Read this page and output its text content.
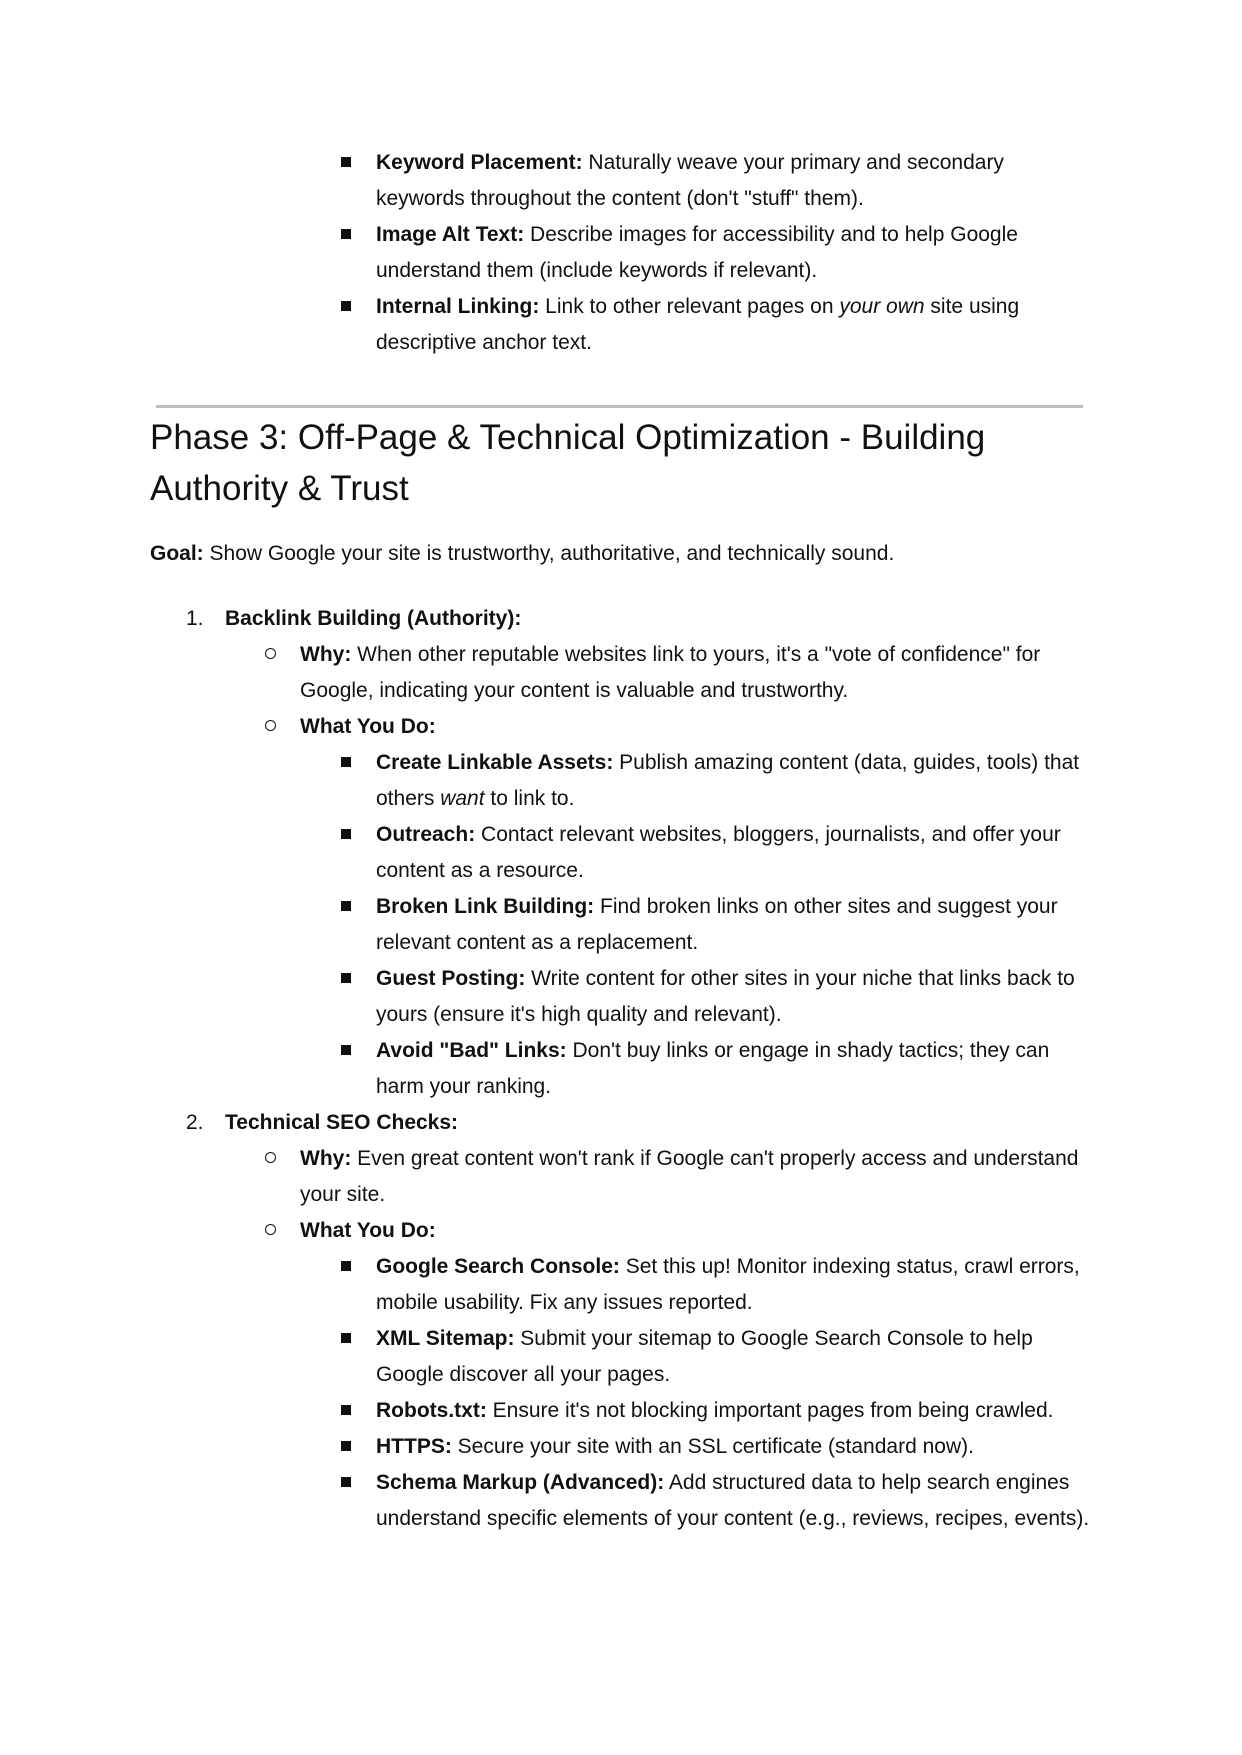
Keyword Placement: Naturally weave your primary and secondary keywords throughout the content (don't "stuff" them).
Image Alt Text: Describe images for accessibility and to help Google understand them (include keywords if relevant).
Internal Linking: Link to other relevant pages on your own site using descriptive anchor text.
Phase 3: Off-Page & Technical Optimization - Building Authority & Trust
Goal: Show Google your site is trustworthy, authoritative, and technically sound.
1. Backlink Building (Authority):
Why: When other reputable websites link to yours, it's a "vote of confidence" for Google, indicating your content is valuable and trustworthy.
What You Do:
Create Linkable Assets: Publish amazing content (data, guides, tools) that others want to link to.
Outreach: Contact relevant websites, bloggers, journalists, and offer your content as a resource.
Broken Link Building: Find broken links on other sites and suggest your relevant content as a replacement.
Guest Posting: Write content for other sites in your niche that links back to yours (ensure it's high quality and relevant).
Avoid "Bad" Links: Don't buy links or engage in shady tactics; they can harm your ranking.
2. Technical SEO Checks:
Why: Even great content won't rank if Google can't properly access and understand your site.
What You Do:
Google Search Console: Set this up! Monitor indexing status, crawl errors, mobile usability. Fix any issues reported.
XML Sitemap: Submit your sitemap to Google Search Console to help Google discover all your pages.
Robots.txt: Ensure it's not blocking important pages from being crawled.
HTTPS: Secure your site with an SSL certificate (standard now).
Schema Markup (Advanced): Add structured data to help search engines understand specific elements of your content (e.g., reviews, recipes, events).
